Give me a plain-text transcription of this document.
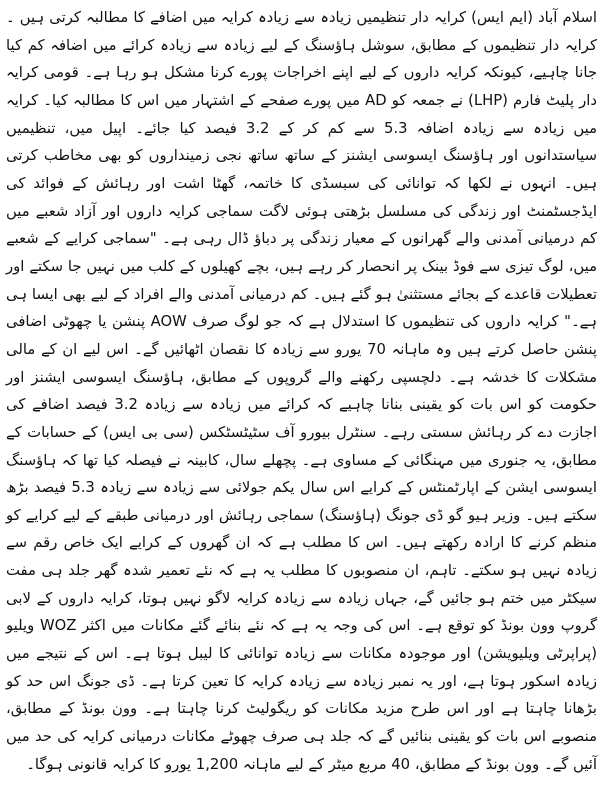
اسلام آباد (ایم ایس) کرایہ دار تنظیمیں زیادہ سے زیادہ کرایہ میں اضافے کا مطالبہ کرتی ہیں ۔ کرایہ دار تنظیموں کے مطابق، سوشل ہاؤسنگ کے لیے زیادہ سے زیادہ کرائے میں اضافہ کم کیا جانا چاہیے، کیونکہ کرایہ داروں کے لیے اپنے اخراجات پورے کرنا مشکل ہو رہا ہے۔ قومی کرایہ دار پلیٹ فارم (LHP) نے جمعہ کو AD میں پورے صفحے کے اشتہار میں اس کا مطالبہ کیا۔ کرایہ میں زیادہ سے زیادہ اضافہ 5.3 سے کم کر کے 3.2 فیصد کیا جائے۔ اپیل میں، تنظیمیں سیاستدانوں اور ہاؤسنگ ایسوسی ایشنز کے ساتھ ساتھ نجی زمینداروں کو بھی مخاطب کرتی ہیں۔ انہوں نے لکھا کہ توانائی کی سبسڈی کا خاتمہ، گھٹا اشت اور رہائش کے فوائد کی ایڈجسٹمنٹ اور زندگی کی مسلسل بڑھتی ہوئی لاگت سماجی کرایہ داروں اور آزاد شعبے میں کم درمیانی آمدنی والے گھرانوں کے معیار زندگی پر دباؤ ڈال رہی ہے۔ "سماجی کرایے کے شعبے میں، لوگ تیزی سے فوڈ بینک پر انحصار کر رہے ہیں، بچے کھیلوں کے کلب میں نہیں جا سکتے اور تعطیلات قاعدے کے بجائے مستثنیٰ ہو گئے ہیں۔ کم درمیانی آمدنی والے افراد کے لیے بھی ایسا ہی ہے۔" کرایہ داروں کی تنظیموں کا استدلال ہے کہ جو لوگ صرف AOW پنشن یا چھوٹی اضافی پنشن حاصل کرتے ہیں وہ ماہانہ 70 یورو سے زیادہ کا نقصان اٹھائیں گے۔ اس لیے ان کے مالی مشکلات کا خدشہ ہے۔ دلچسپی رکھنے والے گروپوں کے مطابق، ہاؤسنگ ایسوسی ایشنز اور حکومت کو اس بات کو یقینی بنانا چاہیے کہ کرائے میں زیادہ سے زیادہ 3.2 فیصد اضافے کی اجازت دے کر رہائش سستی رہے۔ سنٹرل بیورو آف سٹیٹسٹکس (سی بی ایس) کے حسابات کے مطابق، یہ جنوری میں مہنگائی کے مساوی ہے۔ پچھلے سال، کابینہ نے فیصلہ کیا تھا کہ ہاؤسنگ ایسوسی ایشن کے اپارٹمنٹس کے کرایے اس سال یکم جولائی سے زیادہ سے زیادہ 5.3 فیصد بڑھ سکتے ہیں۔ وزیر ہیو گو ڈی جونگ (ہاؤسنگ) سماجی رہائش اور درمیانی طبقے کے لیے کرایے کو منظم کرنے کا ارادہ رکھتے ہیں۔ اس کا مطلب ہے کہ ان گھروں کے کرایے ایک خاص رقم سے زیادہ نہیں ہو سکتے۔ تاہم، ان منصوبوں کا مطلب یہ ہے کہ نئے تعمیر شدہ گھر جلد ہی مفت سیکٹر میں ختم ہو جائیں گے، جہاں زیادہ سے زیادہ کرایہ لاگو نہیں ہوتا، کرایہ داروں کے لابی گروپ وون بونڈ کو توقع ہے۔ اس کی وجہ یہ ہے کہ نئے بنائے گئے مکانات میں اکثر WOZ ویلیو (پراپرٹی ویلیویشن) اور موجودہ مکانات سے زیادہ توانائی کا لیبل ہوتا ہے۔ اس کے نتیجے میں زیادہ اسکور ہوتا ہے، اور یہ نمبر زیادہ سے زیادہ کرایہ کا تعین کرتا ہے۔ ڈی جونگ اس حد کو بڑھانا چاہتا ہے اور اس طرح مزید مکانات کو ریگولیٹ کرنا چاہتا ہے۔ وون بونڈ کے مطابق، منصوبے اس بات کو یقینی بنائیں گے کہ جلد ہی صرف چھوٹے مکانات درمیانی کرایہ کی حد میں آئیں گے۔ وون بونڈ کے مطابق، 40 مربع میٹر کے لیے ماہانہ 1,200 یورو کا کرایہ قانونی ہوگا۔
